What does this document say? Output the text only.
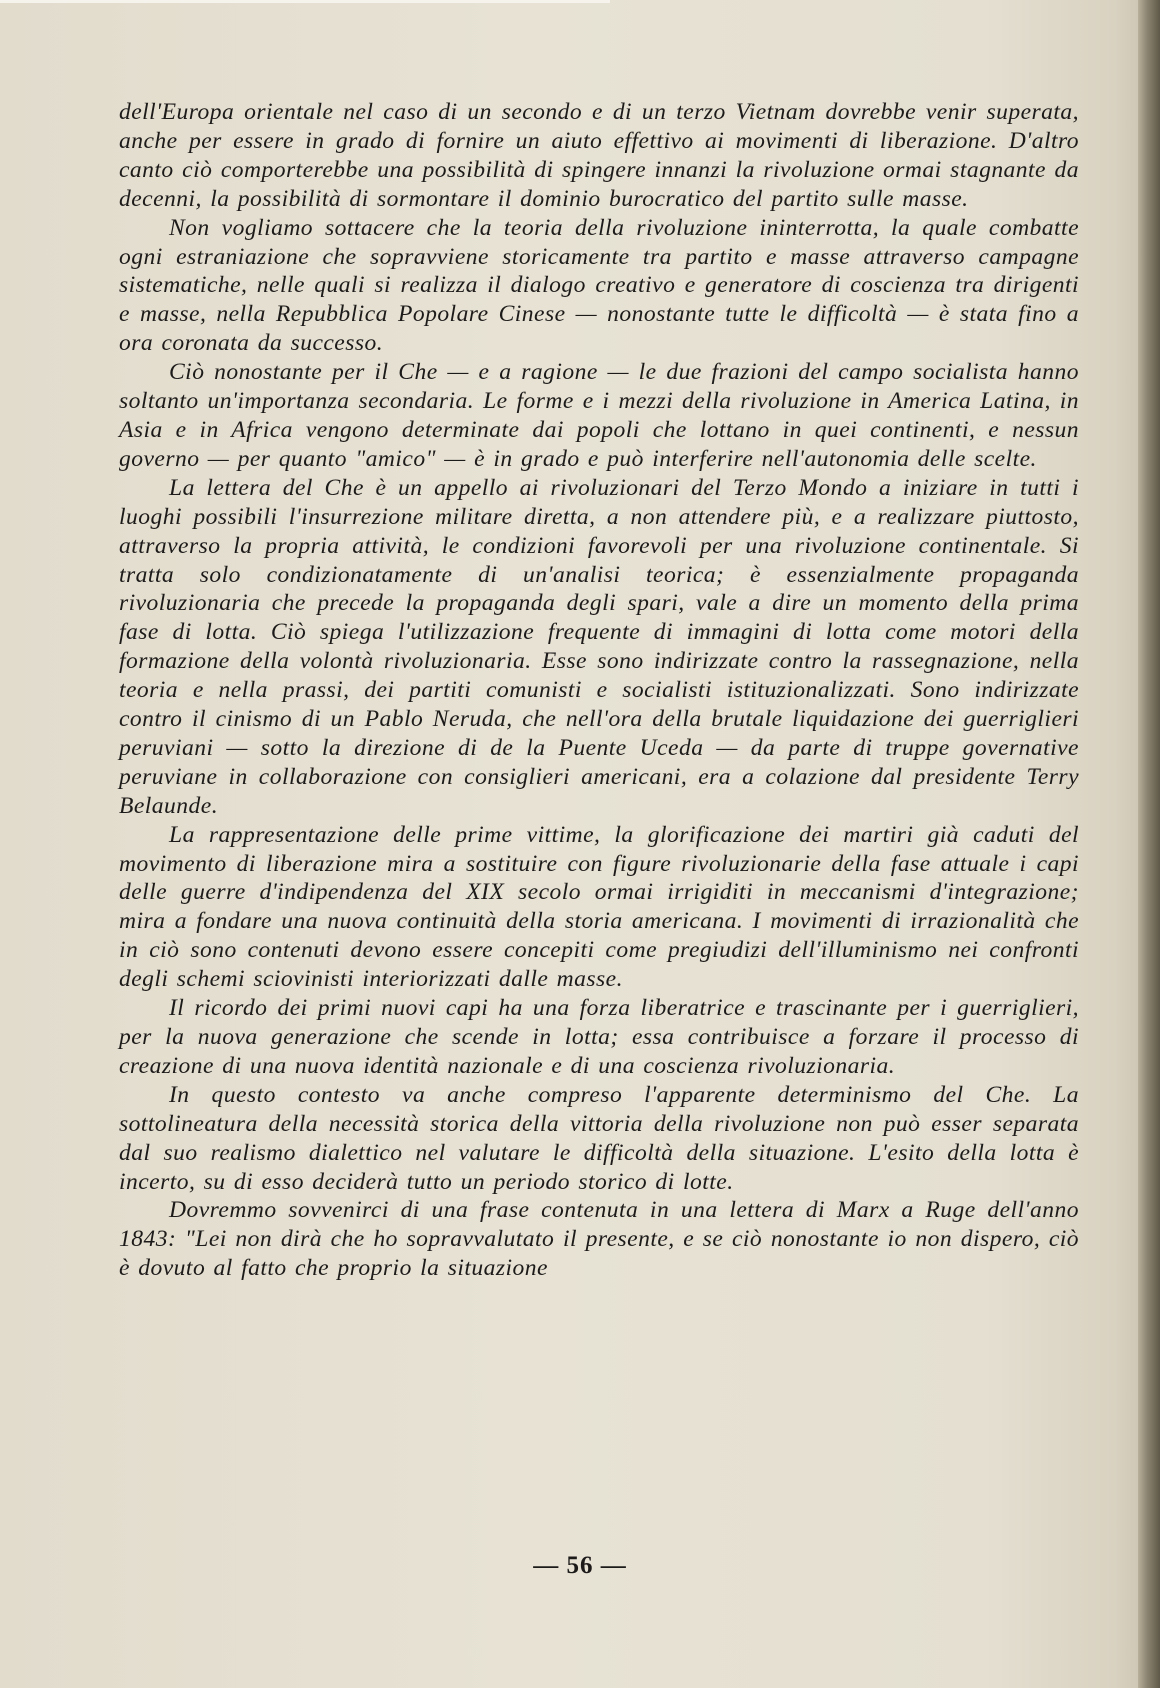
dell'Europa orientale nel caso di un secondo e di un terzo Vietnam dovrebbe venir superata, anche per essere in grado di fornire un aiuto effettivo ai movimenti di liberazione. D'altro canto ciò comporterebbe una possibilità di spingere innanzi la rivoluzione ormai stagnante da decenni, la possibilità di sormontare il dominio burocratico del partito sulle masse.

Non vogliamo sottacere che la teoria della rivoluzione ininterrotta, la quale combatte ogni estraniazione che sopravviene storicamente tra partito e masse attraverso campagne sistematiche, nelle quali si realizza il dialogo creativo e generatore di coscienza tra dirigenti e masse, nella Repubblica Popolare Cinese — nonostante tutte le difficoltà — è stata fino a ora coronata da successo.

Ciò nonostante per il Che — e a ragione — le due frazioni del campo socialista hanno soltanto un'importanza secondaria. Le forme e i mezzi della rivoluzione in America Latina, in Asia e in Africa vengono determinate dai popoli che lottano in quei continenti, e nessun governo — per quanto "amico" — è in grado e può interferire nell'autonomia delle scelte.

La lettera del Che è un appello ai rivoluzionari del Terzo Mondo a iniziare in tutti i luoghi possibili l'insurrezione militare diretta, a non attendere più, e a realizzare piuttosto, attraverso la propria attività, le condizioni favorevoli per una rivoluzione continentale. Si tratta solo condizionatamente di un'analisi teorica; è essenzialmente propaganda rivoluzionaria che precede la propaganda degli spari, vale a dire un momento della prima fase di lotta. Ciò spiega l'utilizzazione frequente di immagini di lotta come motori della formazione della volontà rivoluzionaria. Esse sono indirizzate contro la rassegnazione, nella teoria e nella prassi, dei partiti comunisti e socialisti istituzionalizzati. Sono indirizzate contro il cinismo di un Pablo Neruda, che nell'ora della brutale liquidazione dei guerriglieri peruviani — sotto la direzione di de la Puente Uceda — da parte di truppe governative peruviane in collaborazione con consiglieri americani, era a colazione dal presidente Terry Belaunde.

La rappresentazione delle prime vittime, la glorificazione dei martiri già caduti del movimento di liberazione mira a sostituire con figure rivoluzionarie della fase attuale i capi delle guerre d'indipendenza del XIX secolo ormai irrigiditi in meccanismi d'integrazione; mira a fondare una nuova continuità della storia americana. I movimenti di irrazionalità che in ciò sono contenuti devono essere concepiti come pregiudizi dell'illuminismo nei confronti degli schemi sciovinisti interiorizzati dalle masse.

Il ricordo dei primi nuovi capi ha una forza liberatrice e trascinante per i guerriglieri, per la nuova generazione che scende in lotta; essa contribuisce a forzare il processo di creazione di una nuova identità nazionale e di una coscienza rivoluzionaria.

In questo contesto va anche compreso l'apparente determinismo del Che. La sottolineatura della necessità storica della vittoria della rivoluzione non può esser separata dal suo realismo dialettico nel valutare le difficoltà della situazione. L'esito della lotta è incerto, su di esso deciderà tutto un periodo storico di lotte.

Dovremmo sovvenirci di una frase contenuta in una lettera di Marx a Ruge dell'anno 1843: "Lei non dirà che ho sopravvalutato il presente, e se ciò nonostante io non dispero, ciò è dovuto al fatto che proprio la situazione

— 56 —
